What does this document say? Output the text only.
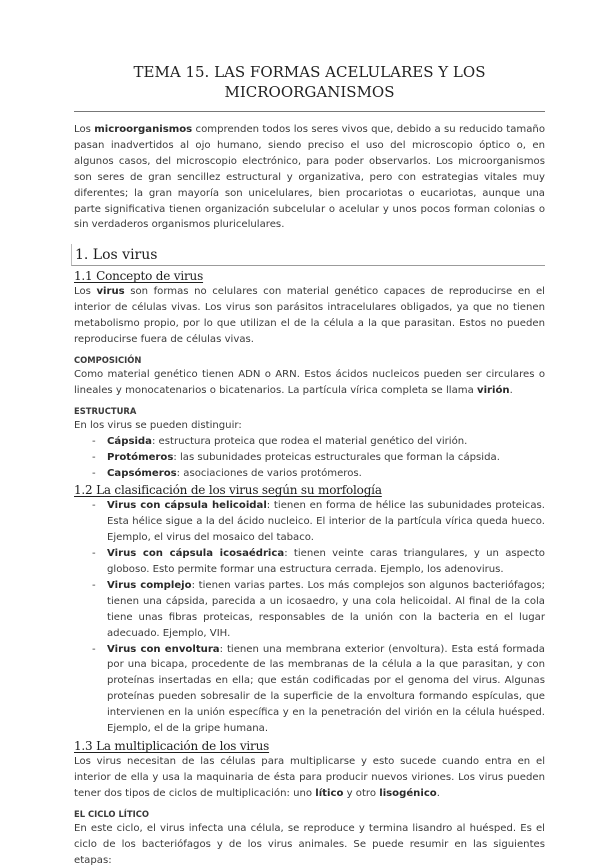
TEMA 15. LAS FORMAS ACELULARES Y LOS MICROORGANISMOS

Los microorganismos comprenden todos los seres vivos que, debido a su reducido tamaño pasan inadvertidos al ojo humano, siendo preciso el uso del microscopio óptico o, en algunos casos, del microscopio electrónico, para poder observarlos. Los microorganismos son seres de gran sencillez estructural y organizativa, pero con estrategias vitales muy diferentes; la gran mayoría son unicelulares, bien procariotas o eucariotas, aunque una parte significativa tienen organización subcelular o acelular y unos pocos forman colonias o sin verdaderos organismos pluricelulares.

1. Los virus
1.1 Concepto de virus

Los virus son formas no celulares con material genético capaces de reproducirse en el interior de células vivas. Los virus son parásitos intracelulares obligados, ya que no tienen metabolismo propio, por lo que utilizan el de la célula a la que parasitan. Estos no pueden reproducirse fuera de células vivas.

COMPOSICIÓN

Como material genético tienen ADN o ARN. Estos ácidos nucleicos pueden ser circulares o lineales y monocatenarios o bicatenarios. La partícula vírica completa se llama virión.

ESTRUCTURA

En los virus se pueden distinguir:

- Cápsida: estructura proteica que rodea el material genético del virión.
- Protómeros: las subunidades proteicas estructurales que forman la cápsida.
- Capsómeros: asociaciones de varios protómeros.
1.2 La clasificación de los virus según su morfología
- Virus con cápsula helicoidal: tienen en forma de hélice las subunidades proteicas. Esta hélice sigue a la del ácido nucleico. El interior de la partícula vírica queda hueco. Ejemplo, el virus del mosaico del tabaco.
- Virus con cápsula icosaédrica: tienen veinte caras triangulares, y un aspecto globoso. Esto permite formar una estructura cerrada. Ejemplo, los adenovirus.
- Virus complejo: tienen varias partes. Los más complejos son algunos bacteriófagos; tienen una cápsida, parecida a un icosaedro, y una cola helicoidal. Al final de la cola tiene unas fibras proteicas, responsables de la unión con la bacteria en el lugar adecuado. Ejemplo, VIH.
- Virus con envoltura: tienen una membrana exterior (envoltura). Esta está formada por una bicapa, procedente de las membranas de la célula a la que parasitan, y con proteínas insertadas en ella; que están codificadas por el genoma del virus. Algunas proteínas pueden sobresalir de la superficie de la envoltura formando espículas, que intervienen en la unión específica y en la penetración del virión en la célula huésped. Ejemplo, el de la gripe humana.
1.3 La multiplicación de los virus

Los virus necesitan de las células para multiplicarse y esto sucede cuando entra en el interior de ella y usa la maquinaria de ésta para producir nuevos viriones. Los virus pueden tener dos tipos de ciclos de multiplicación: uno lítico y otro lisogénico.

EL CICLO LÍTICO

En este ciclo, el virus infecta una célula, se reproduce y termina lisandro al huésped. Es el ciclo de los bacteriófagos y de los virus animales. Se puede resumir en las siguientes etapas:
